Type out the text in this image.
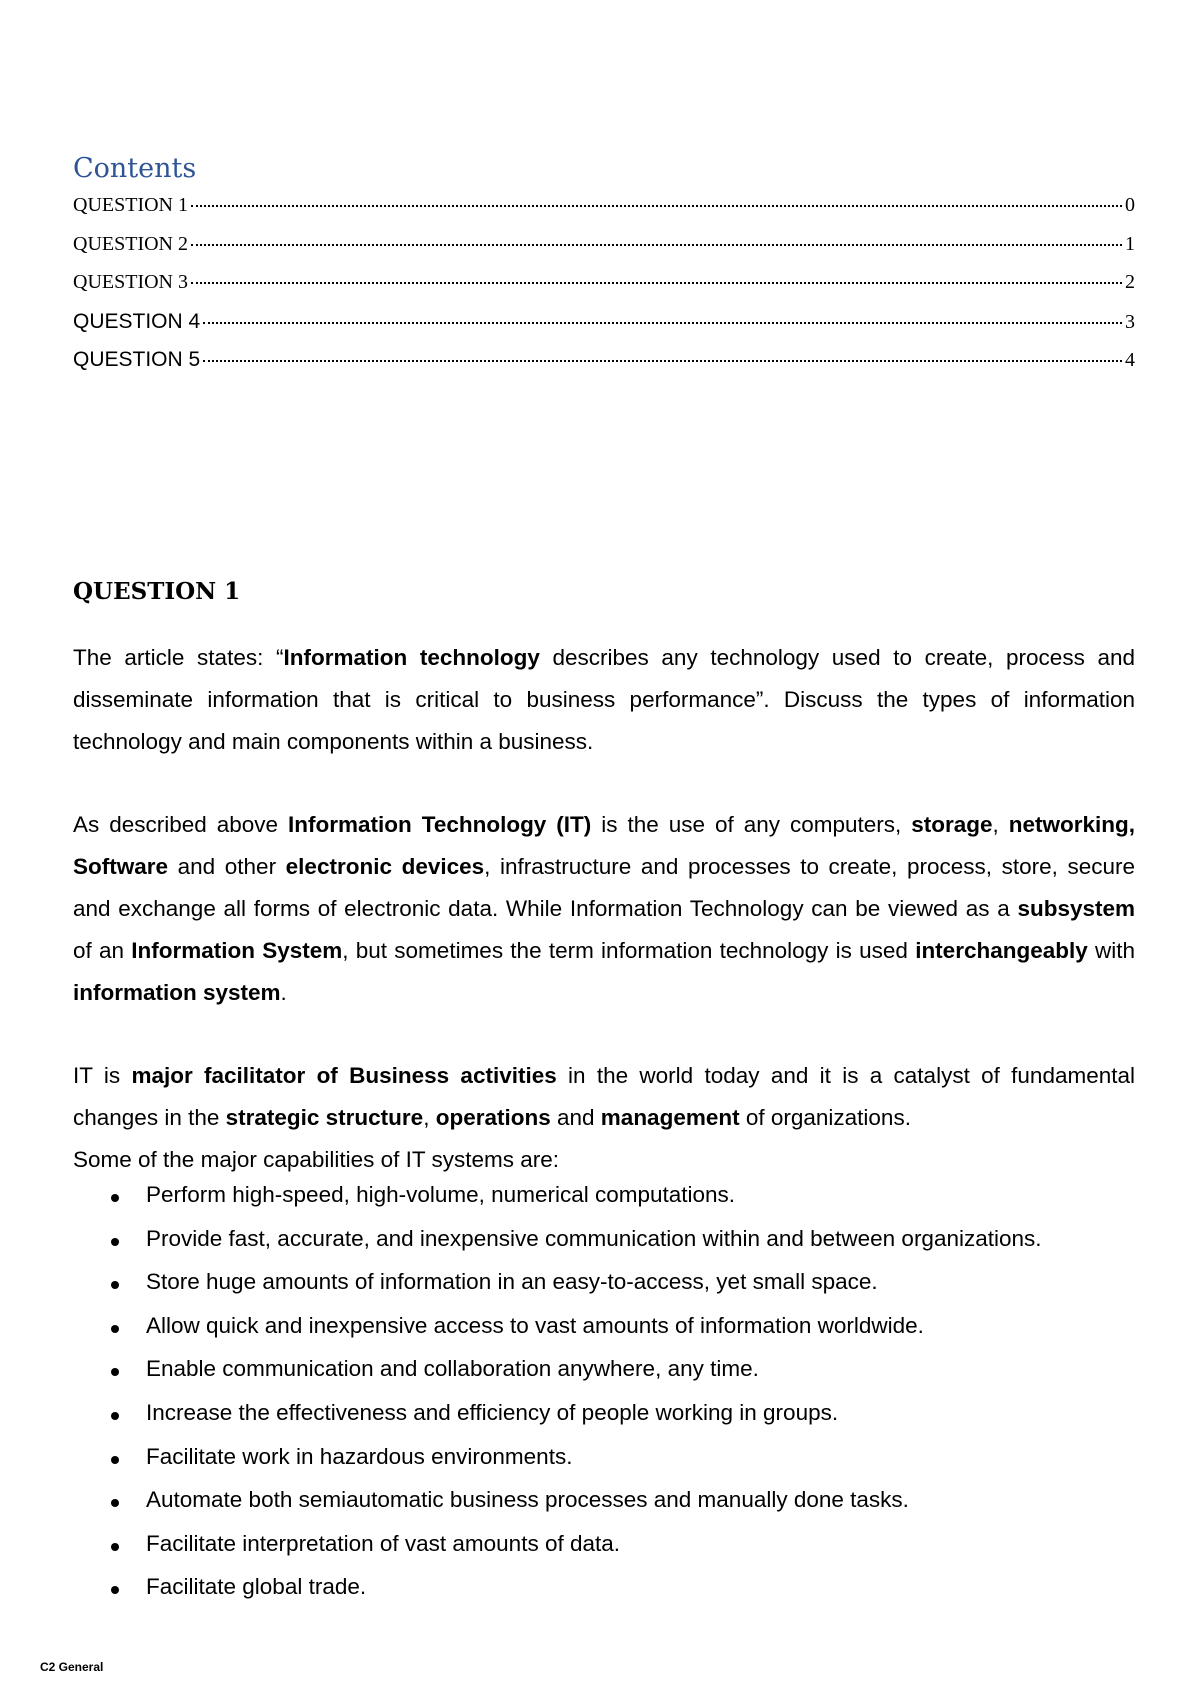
Contents
QUESTION 1	0
QUESTION 2	1
QUESTION 3	2
QUESTION 4	3
QUESTION 5	4
QUESTION 1

The article states: “Information technology describes any technology used to create, process and disseminate information that is critical to business performance”. Discuss the types of information technology and main components within a business.

As described above Information Technology (IT) is the use of any computers, storage, networking, Software and other electronic devices, infrastructure and processes to create, process, store, secure and exchange all forms of electronic data. While Information Technology can be viewed as a subsystem of an Information System, but sometimes the term information technology is used interchangeably with information system.

IT is major facilitator of Business activities in the world today and it is a catalyst of fundamental changes in the strategic structure, operations and management of organizations.

Some of the major capabilities of IT systems are:

Perform high-speed, high-volume, numerical computations.
Provide fast, accurate, and inexpensive communication within and between organizations.
Store huge amounts of information in an easy-to-access, yet small space.
Allow quick and inexpensive access to vast amounts of information worldwide.
Enable communication and collaboration anywhere, any time.
Increase the effectiveness and efficiency of people working in groups.
Facilitate work in hazardous environments.
Automate both semiautomatic business processes and manually done tasks.
Facilitate interpretation of vast amounts of data.
Facilitate global trade.
C2 General
